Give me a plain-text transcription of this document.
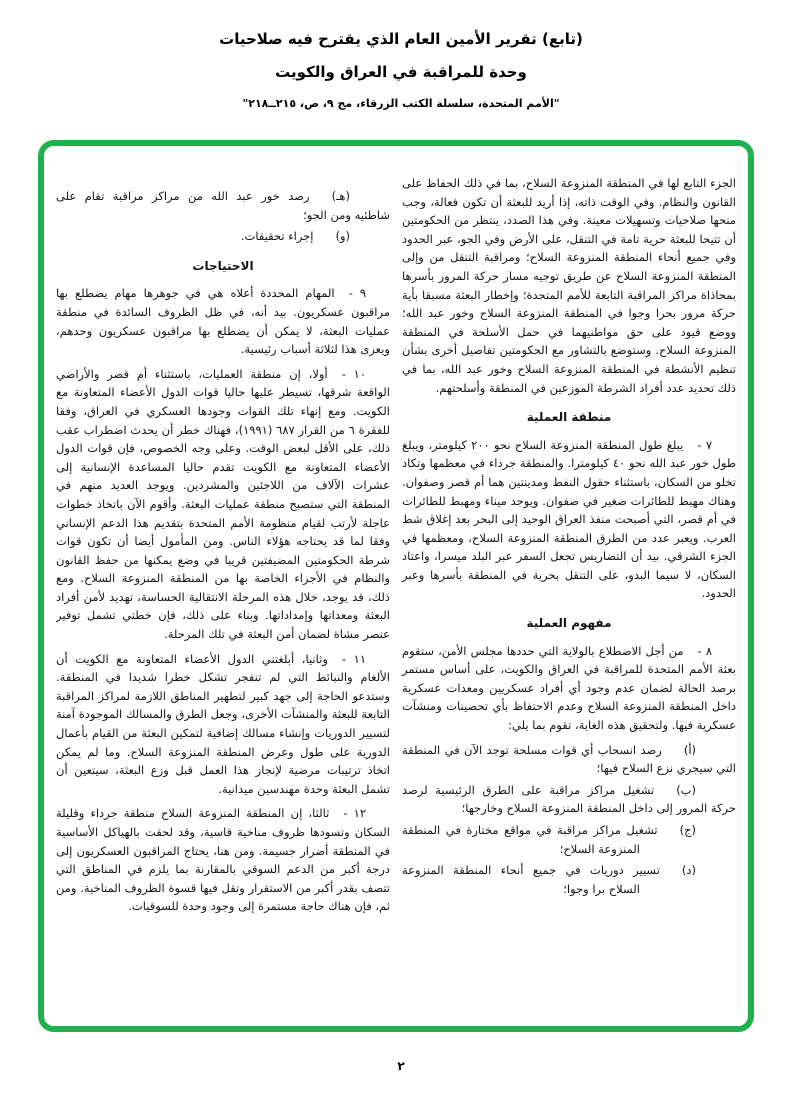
(تابع) تقرير الأمين العام الذي يقترح فيه صلاحيات

وحدة للمراقبة في العراق والكويت

"الأمم المتحدة، سلسلة الكتب الزرقاء، مج ٩، ص، ٢١٥ــ٢١٨"

الجزء التابع لها في المنطقة المنزوعة السلاح، بما في ذلك الحفاظ على القانون والنظام. وفي الوقت ذاته، إذا أريد للبعثة أن تكون فعالة، وجب منحها صلاحيات وتسهيلات معينة. وفي هذا الصدد، ينتظر من الحكومتين أن تتيحا للبعثة حرية تامة في التنقل، على الأرض وفي الجو، عبر الحدود وفي جميع أنحاء المنطقة المنزوعة السلاح؛ ومراقبة التنقل من وإلى المنطقة المنزوعة السلاح عن طريق توجيه مسار حركة المرور بأسرها بمحاذاة مراكز المراقبة التابعة للأمم المتحدة؛ وإخطار البعثة مسبقا بأية حركة مرور بحرا وجوا في المنطقة المنزوعة السلاح وخور عبد الله؛ ووضع قيود على حق مواطنيهما في حمل الأسلحة في المنطقة المنزوعة السلاح. وستوضع بالتشاور مع الحكومتين تفاصيل أخرى بشأن تنظيم الأنشطة في المنطقة المنزوعة السلاح وخور عبد الله، بما في ذلك تحديد عدد أفراد الشرطة الموزعين في المنطقة وأسلحتهم.

منطقة العملية

٧ -يبلغ طول المنطقة المنزوعة السلاح نحو ٢٠٠ كيلومتر، ويبلغ طول خور عبد الله نحو ٤٠ كيلومترا. والمنطقة جرداء في معظمها وتكاد تخلو من السكان، باستثناء حقول النفط ومدينتين هما أم قصر وصفوان. وهناك مهبط للطائرات صغير في صفوان. ويوجد ميناء ومهبط للطائرات في أم قصر، التي أصبحت منفذ العراق الوحيد إلى البحر بعد إغلاق شط العرب. ويعبر عدد من الطرق المنطقة المنزوعة السلاح، ومعظمها في الجزء الشرقي. بيد أن التضاريس تجعل السفر عبر البلد ميسرا، واعتاد السكان، لا سيما البدو، على التنقل بحرية في المنطقة بأسرها وعبر الحدود.

مفهوم العملية

٨ -من أجل الاضطلاع بالولاية التي حددها مجلس الأمن، ستقوم بعثة الأمم المتحدة للمراقبة في العراق والكويت، على أساس مستمر برصد الحالة لضمان عدم وجود أي أفراد عسكريين ومعدات عسكرية داخل المنطقة المنزوعة السلاح وعدم الاحتفاظ بأي تحصينات ومنشآت عسكرية فيها. ولتحقيق هذه الغاية، تقوم بما يلي:

(أ)رصد انسحاب أي قوات مسلحة توجد الآن في المنطقة التي سيجري نزع السلاح فيها؛

(ب)تشغيل مراكز مراقبة على الطرق الرئيسية لرصد حركة المرور إلى داخل المنطقة المنزوعة السلاح وخارجها؛

(ج)تشغيل مراكز مراقبة في مواقع مختارة في المنطقة المنزوعة السلاح؛

(د)تسيير دوريات في جميع أنحاء المنطقة المنزوعة السلاح برا وجوا؛

(هـ)رصد خور عبد الله من مراكز مراقبة تقام على شاطئيه ومن الجو؛

(و)إجراء تحقيقات.

الاحتياجات

٩ -المهام المحددة أعلاه هي في جوهرها مهام يضطلع بها مراقبون عسكريون. بيد أنه، في ظل الظروف السائدة في منطقة عمليات البعثة، لا يمكن أن يضطلع بها مراقبون عسكريون وحدهم، ويعزى هذا لثلاثة أسباب رئيسية.

١٠ -أولا، إن منطقة العمليات، باستثناء أم قصر والأراضي الواقعة شرقها، تسيطر عليها حاليا قوات الدول الأعضاء المتعاونة مع الكويت. ومع إنهاء تلك القوات وجودها العسكري في العراق، وفقا للفقرة ٦ من القرار ٦٨٧ (١٩٩١)، فهناك خطر أن يحدث اضطراب عقب ذلك، على الأقل لبعض الوقت. وعلى وجه الخصوص، فإن قوات الدول الأعضاء المتعاونة مع الكويت تقدم حاليا المساعدة الإنسانية إلى عشرات الآلاف من اللاجئين والمشردين. ويوجد العديد منهم في المنطقة التي ستصبح منطقة عمليات البعثة. وأقوم الآن باتخاذ خطوات عاجلة لأرتب لقيام منظومة الأمم المتحدة بتقديم هذا الدعم الإنساني وفقا لما قد يحتاجه هؤلاء الناس. ومن المأمول أيضا أن تكون قوات شرطة الحكومتين المضيفتين قريبا في وضع يمكنها من حفظ القانون والنظام في الأجزاء الخاصة بها من المنطقة المنزوعة السلاح. ومع ذلك، قد يوجد، خلال هذه المرحلة الانتقالية الحساسة، تهديد لأمن أفراد البعثة ومعداتها وإمداداتها. وبناء على ذلك، فإن خطتي تشمل توفير عنصر مشاة لضمان أمن البعثة في تلك المرحلة.

١١ -وثانيا، أبلغتني الدول الأعضاء المتعاونة مع الكويت أن الألغام والنبائط التي لم تنفجر تشكل خطرا شديدا في المنطقة. وستدعو الحاجة إلى جهد كبير لتطهير المناطق اللازمة لمراكز المراقبة التابعة للبعثة والمنشآت الأخرى، وجعل الطرق والمسالك الموجودة آمنة لتسيير الدوريات وإنشاء مسالك إضافية لتمكين البعثة من القيام بأعمال الدورية على طول وعرض المنطقة المنزوعة السلاح. وما لم يمكن اتخاذ ترتيبات مرضية لإنجاز هذا العمل قبل وزع البعثة، سيتعين أن تشمل البعثة وحدة مهندسين ميدانية.

١٢ -ثالثا، إن المنطقة المنزوعة السلاح منطقة جرداء وقليلة السكان وتسودها ظروف مناخية قاسية، وقد لحقت بالهياكل الأساسية في المنطقة أضرار جسيمة. ومن هنا، يحتاج المراقبون العسكريون إلى درجة أكبر من الدعم السوقي بالمقارنة بما يلزم في المناطق التي تتصف بقدر أكبر من الاستقرار وتقل فيها قسوة الظروف المناخية. ومن ثم، فإن هناك حاجة مستمرة إلى وجود وحدة للسوقيات.

٢
